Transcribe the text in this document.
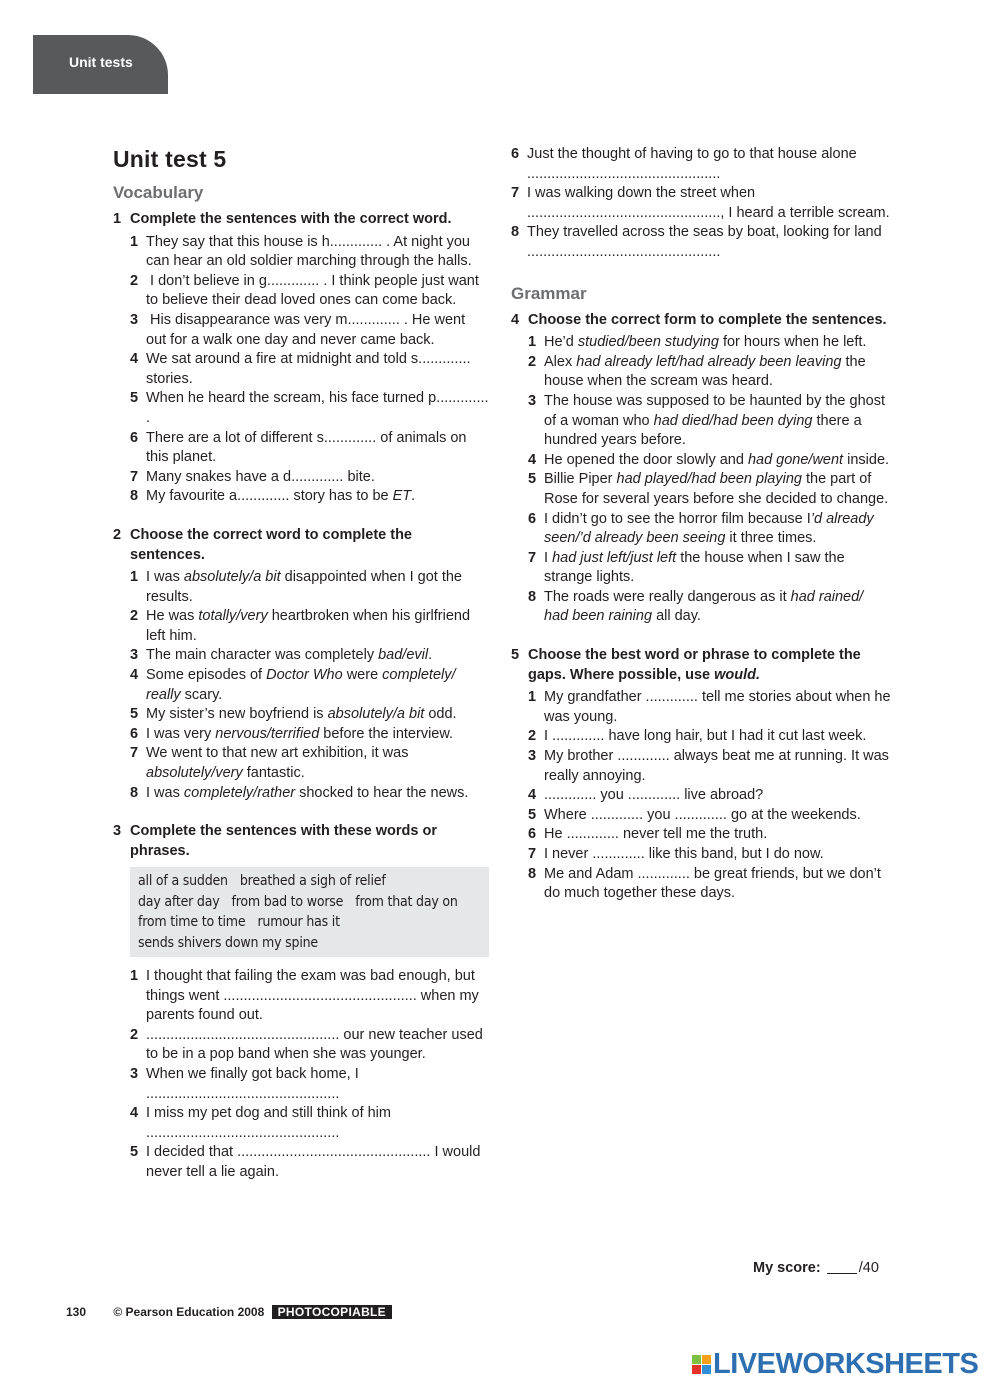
Unit tests
Unit test 5
Vocabulary
1 Complete the sentences with the correct word.
1 They say that this house is h............. . At night you can hear an old soldier marching through the halls.
2 I don’t believe in g............. . I think people just want to believe their dead loved ones can come back.
3 His disappearance was very m............. . He went out for a walk one day and never came back.
4 We sat around a fire at midnight and told s............. stories.
5 When he heard the scream, his face turned p............. .
6 There are a lot of different s............. of animals on this planet.
7 Many snakes have a d............. bite.
8 My favourite a............. story has to be ET.
2 Choose the correct word to complete the sentences.
1 I was absolutely/a bit disappointed when I got the results.
2 He was totally/very heartbroken when his girlfriend left him.
3 The main character was completely bad/evil.
4 Some episodes of Doctor Who were completely/ really scary.
5 My sister’s new boyfriend is absolutely/a bit odd.
6 I was very nervous/terrified before the interview.
7 We went to that new art exhibition, it was absolutely/very fantastic.
8 I was completely/rather shocked to hear the news.
3 Complete the sentences with these words or phrases.
all of a sudden breathed a sigh of relief
day after day from bad to worse from that day on
from time to time rumour has it
sends shivers down my spine
1 I thought that failing the exam was bad enough, but things went ................................................ when my parents found out.
2 ................................................ our new teacher used to be in a pop band when she was younger.
3 When we finally got back home, I ................................................
4 I miss my pet dog and still think of him ................................................
5 I decided that ................................................ I would never tell a lie again.
6 Just the thought of having to go to that house alone ................................................
7 I was walking down the street when ................................................, I heard a terrible scream.
8 They travelled across the seas by boat, looking for land ................................................
Grammar
4 Choose the correct form to complete the sentences.
1 He’d studied/been studying for hours when he left.
2 Alex had already left/had already been leaving the house when the scream was heard.
3 The house was supposed to be haunted by the ghost of a woman who had died/had been dying there a hundred years before.
4 He opened the door slowly and had gone/went inside.
5 Billie Piper had played/had been playing the part of Rose for several years before she decided to change.
6 I didn’t go to see the horror film because I’d already seen/’d already been seeing it three times.
7 I had just left/just left the house when I saw the strange lights.
8 The roads were really dangerous as it had rained/ had been raining all day.
5 Choose the best word or phrase to complete the gaps. Where possible, use would.
1 My grandfather ............. tell me stories about when he was young.
2 I ............. have long hair, but I had it cut last week.
3 My brother ............. always beat me at running. It was really annoying.
4 ............. you ............. live abroad?
5 Where ............. you ............. go at the weekends.
6 He ............. never tell me the truth.
7 I never ............. like this band, but I do now.
8 Me and Adam ............. be great friends, but we don’t do much together these days.
My score:	/40
130 © Pearson Education 2008 PHOTOCOPIABLE
LIVEWORKSHEETS
